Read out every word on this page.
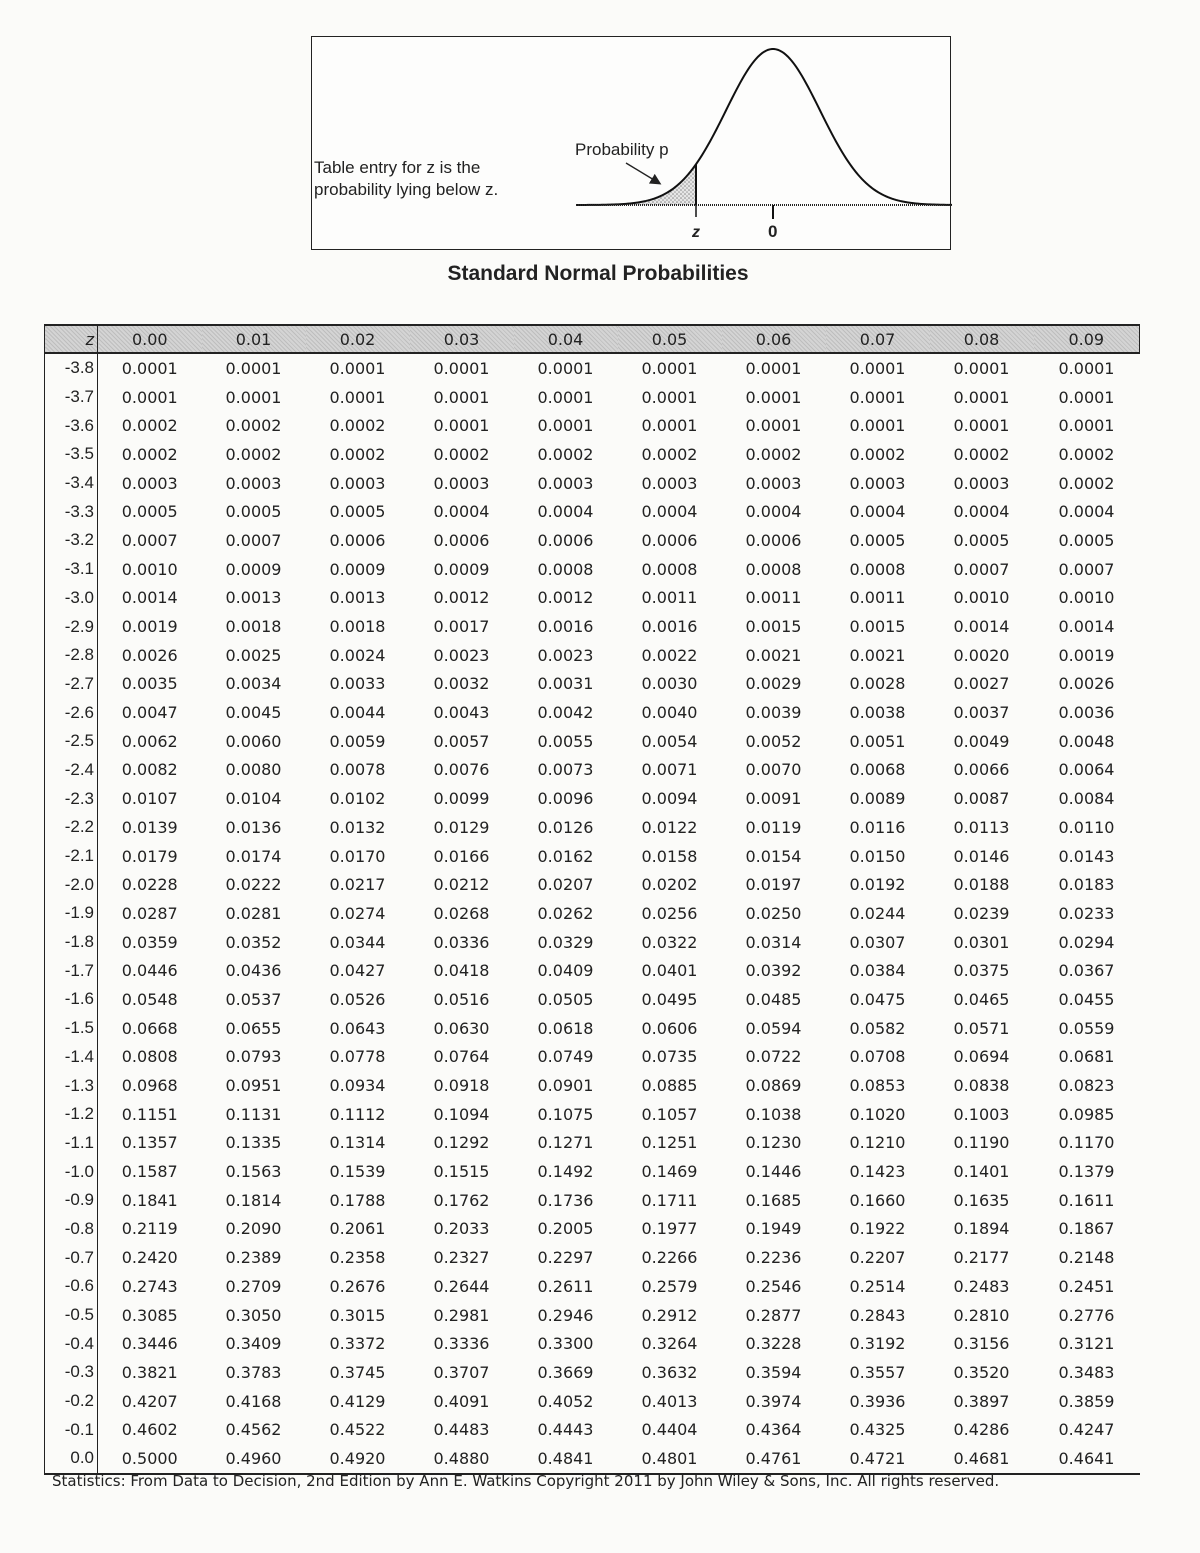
Table entry for z is the probability lying below z.
Probability p
z	0
Standard Normal Probabilities
z	0.00	0.01	0.02	0.03	0.04	0.05	0.06	0.07	0.08	0.09
-3.8	0.0001	0.0001	0.0001	0.0001	0.0001	0.0001	0.0001	0.0001	0.0001	0.0001
-3.7	0.0001	0.0001	0.0001	0.0001	0.0001	0.0001	0.0001	0.0001	0.0001	0.0001
-3.6	0.0002	0.0002	0.0002	0.0001	0.0001	0.0001	0.0001	0.0001	0.0001	0.0001
-3.5	0.0002	0.0002	0.0002	0.0002	0.0002	0.0002	0.0002	0.0002	0.0002	0.0002
-3.4	0.0003	0.0003	0.0003	0.0003	0.0003	0.0003	0.0003	0.0003	0.0003	0.0002
-3.3	0.0005	0.0005	0.0005	0.0004	0.0004	0.0004	0.0004	0.0004	0.0004	0.0004
-3.2	0.0007	0.0007	0.0006	0.0006	0.0006	0.0006	0.0006	0.0005	0.0005	0.0005
-3.1	0.0010	0.0009	0.0009	0.0009	0.0008	0.0008	0.0008	0.0008	0.0007	0.0007
-3.0	0.0014	0.0013	0.0013	0.0012	0.0012	0.0011	0.0011	0.0011	0.0010	0.0010
-2.9	0.0019	0.0018	0.0018	0.0017	0.0016	0.0016	0.0015	0.0015	0.0014	0.0014
-2.8	0.0026	0.0025	0.0024	0.0023	0.0023	0.0022	0.0021	0.0021	0.0020	0.0019
-2.7	0.0035	0.0034	0.0033	0.0032	0.0031	0.0030	0.0029	0.0028	0.0027	0.0026
-2.6	0.0047	0.0045	0.0044	0.0043	0.0042	0.0040	0.0039	0.0038	0.0037	0.0036
-2.5	0.0062	0.0060	0.0059	0.0057	0.0055	0.0054	0.0052	0.0051	0.0049	0.0048
-2.4	0.0082	0.0080	0.0078	0.0076	0.0073	0.0071	0.0070	0.0068	0.0066	0.0064
-2.3	0.0107	0.0104	0.0102	0.0099	0.0096	0.0094	0.0091	0.0089	0.0087	0.0084
-2.2	0.0139	0.0136	0.0132	0.0129	0.0126	0.0122	0.0119	0.0116	0.0113	0.0110
-2.1	0.0179	0.0174	0.0170	0.0166	0.0162	0.0158	0.0154	0.0150	0.0146	0.0143
-2.0	0.0228	0.0222	0.0217	0.0212	0.0207	0.0202	0.0197	0.0192	0.0188	0.0183
-1.9	0.0287	0.0281	0.0274	0.0268	0.0262	0.0256	0.0250	0.0244	0.0239	0.0233
-1.8	0.0359	0.0352	0.0344	0.0336	0.0329	0.0322	0.0314	0.0307	0.0301	0.0294
-1.7	0.0446	0.0436	0.0427	0.0418	0.0409	0.0401	0.0392	0.0384	0.0375	0.0367
-1.6	0.0548	0.0537	0.0526	0.0516	0.0505	0.0495	0.0485	0.0475	0.0465	0.0455
-1.5	0.0668	0.0655	0.0643	0.0630	0.0618	0.0606	0.0594	0.0582	0.0571	0.0559
-1.4	0.0808	0.0793	0.0778	0.0764	0.0749	0.0735	0.0722	0.0708	0.0694	0.0681
-1.3	0.0968	0.0951	0.0934	0.0918	0.0901	0.0885	0.0869	0.0853	0.0838	0.0823
-1.2	0.1151	0.1131	0.1112	0.1094	0.1075	0.1057	0.1038	0.1020	0.1003	0.0985
-1.1	0.1357	0.1335	0.1314	0.1292	0.1271	0.1251	0.1230	0.1210	0.1190	0.1170
-1.0	0.1587	0.1563	0.1539	0.1515	0.1492	0.1469	0.1446	0.1423	0.1401	0.1379
-0.9	0.1841	0.1814	0.1788	0.1762	0.1736	0.1711	0.1685	0.1660	0.1635	0.1611
-0.8	0.2119	0.2090	0.2061	0.2033	0.2005	0.1977	0.1949	0.1922	0.1894	0.1867
-0.7	0.2420	0.2389	0.2358	0.2327	0.2297	0.2266	0.2236	0.2207	0.2177	0.2148
-0.6	0.2743	0.2709	0.2676	0.2644	0.2611	0.2579	0.2546	0.2514	0.2483	0.2451
-0.5	0.3085	0.3050	0.3015	0.2981	0.2946	0.2912	0.2877	0.2843	0.2810	0.2776
-0.4	0.3446	0.3409	0.3372	0.3336	0.3300	0.3264	0.3228	0.3192	0.3156	0.3121
-0.3	0.3821	0.3783	0.3745	0.3707	0.3669	0.3632	0.3594	0.3557	0.3520	0.3483
-0.2	0.4207	0.4168	0.4129	0.4091	0.4052	0.4013	0.3974	0.3936	0.3897	0.3859
-0.1	0.4602	0.4562	0.4522	0.4483	0.4443	0.4404	0.4364	0.4325	0.4286	0.4247
0.0	0.5000	0.4960	0.4920	0.4880	0.4841	0.4801	0.4761	0.4721	0.4681	0.4641
Statistics: From Data to Decision, 2nd Edition by Ann E. Watkins Copyright 2011 by John Wiley & Sons, Inc. All rights reserved.
